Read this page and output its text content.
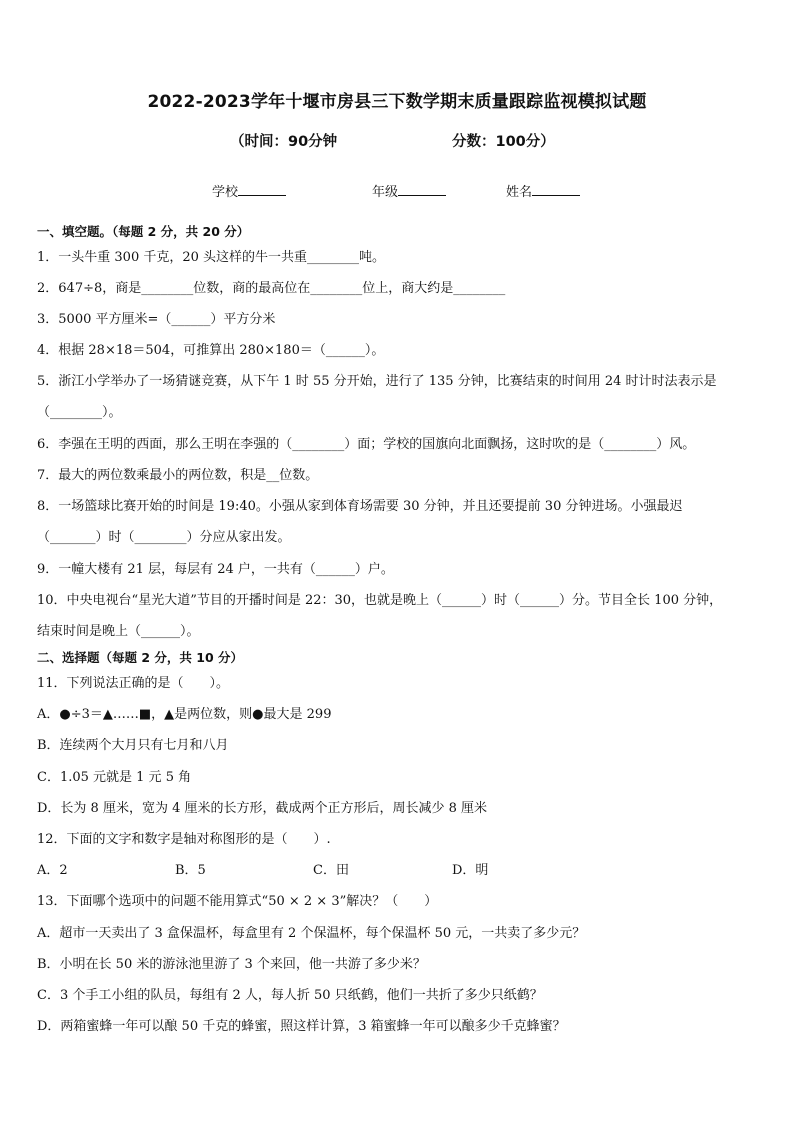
2022-2023学年十堰市房县三下数学期末质量跟踪监视模拟试题
（时间：90分钟	分数：100分）
学校	年级	姓名
一、填空题。（每题 2 分，共 20 分）
1．一头牛重 300 千克，20 头这样的牛一共重________吨。
2．647÷8，商是________位数，商的最高位在________位上，商大约是________
3．5000 平方厘米=（______）平方分米
4．根据 28×18＝504，可推算出 280×180＝（______）。
5．浙江小学举办了一场猜谜竞赛，从下午 1 时 55 分开始，进行了 135 分钟，比赛结束的时间用 24 时计时法表示是
（________）。
6．李强在王明的西面，那么王明在李强的（________）面；学校的国旗向北面飘扬，这时吹的是（________）风。
7．最大的两位数乘最小的两位数，积是__位数。
8．一场篮球比赛开始的时间是 19:40。小强从家到体育场需要 30 分钟，并且还要提前 30 分钟进场。小强最迟
（_______）时（________）分应从家出发。
9．一幢大楼有 21 层，每层有 24 户，一共有（______）户。
10．中央电视台“星光大道”节目的开播时间是 22：30，也就是晚上（______）时（______）分。节目全长 100 分钟，
结束时间是晚上（______）。
二、选择题（每题 2 分，共 10 分）
11．下列说法正确的是（　　）。
A．●÷3＝▲……■，▲是两位数，则●最大是 299
B．连续两个大月只有七月和八月
C．1.05 元就是 1 元 5 角
D．长为 8 厘米，宽为 4 厘米的长方形，截成两个正方形后，周长减少 8 厘米
12．下面的文字和数字是轴对称图形的是（　　）.
A．2	B．5	C．田	D．明
13．下面哪个选项中的问题不能用算式“50 × 2 × 3”解决？（　　）
A．超市一天卖出了 3 盒保温杯，每盒里有 2 个保温杯，每个保温杯 50 元，一共卖了多少元？
B．小明在长 50 米的游泳池里游了 3 个来回，他一共游了多少米？
C．3 个手工小组的队员，每组有 2 人，每人折 50 只纸鹤，他们一共折了多少只纸鹤？
D．两箱蜜蜂一年可以酿 50 千克的蜂蜜，照这样计算，3 箱蜜蜂一年可以酿多少千克蜂蜜？
